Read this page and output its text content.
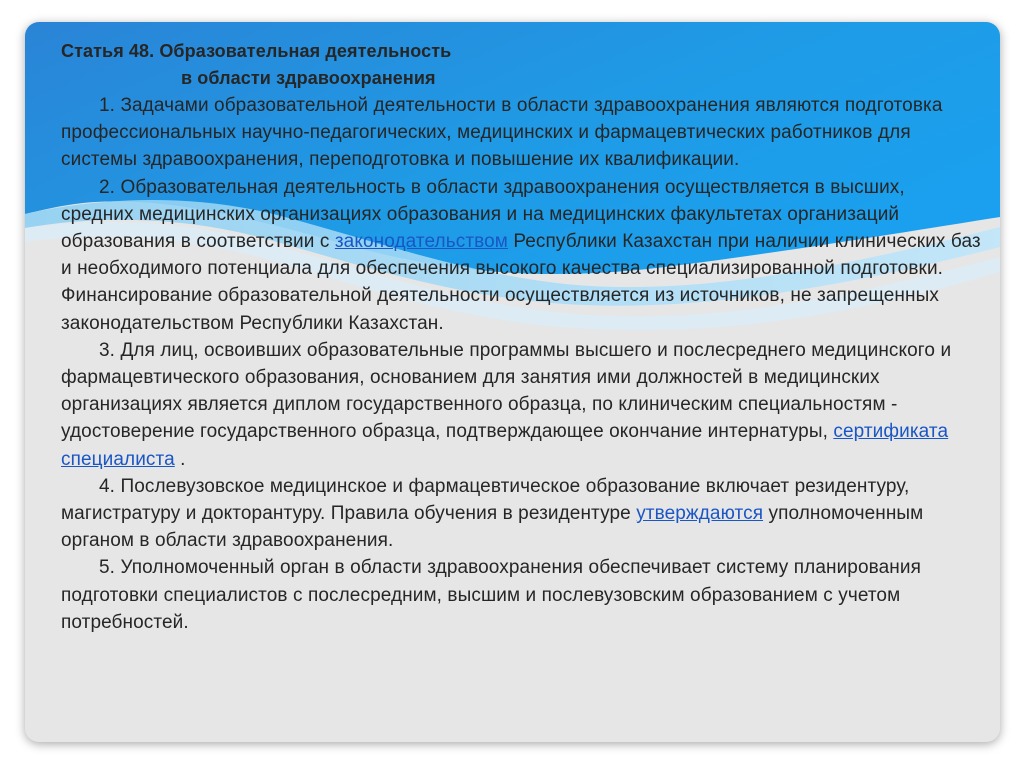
Статья 48. Образовательная деятельность
в области здравоохранения

1. Задачами образовательной деятельности в области здравоохранения являются подготовка профессиональных научно-педагогических, медицинских и фармацевтических работников для системы здравоохранения, переподготовка и повышение их квалификации.

2. Образовательная деятельность в области здравоохранения осуществляется в высших, средних медицинских организациях образования и на медицинских факультетах организаций образования в соответствии с законодательством Республики Казахстан при наличии клинических баз и необходимого потенциала для обеспечения высокого качества специализированной подготовки. Финансирование образовательной деятельности осуществляется из источников, не запрещенных законодательством Республики Казахстан.

3. Для лиц, освоивших образовательные программы высшего и послесреднего медицинского и фармацевтического образования, основанием для занятия ими должностей в медицинских организациях является диплом государственного образца, по клиническим специальностям - удостоверение государственного образца, подтверждающее окончание интернатуры, сертификата специалиста .

4. Послевузовское медицинское и фармацевтическое образование включает резидентуру, магистратуру и докторантуру. Правила обучения в резидентуре утверждаются уполномоченным органом в области здравоохранения.

5. Уполномоченный орган в области здравоохранения обеспечивает систему планирования подготовки специалистов с послесредним, высшим и послевузовским образованием с учетом потребностей.
